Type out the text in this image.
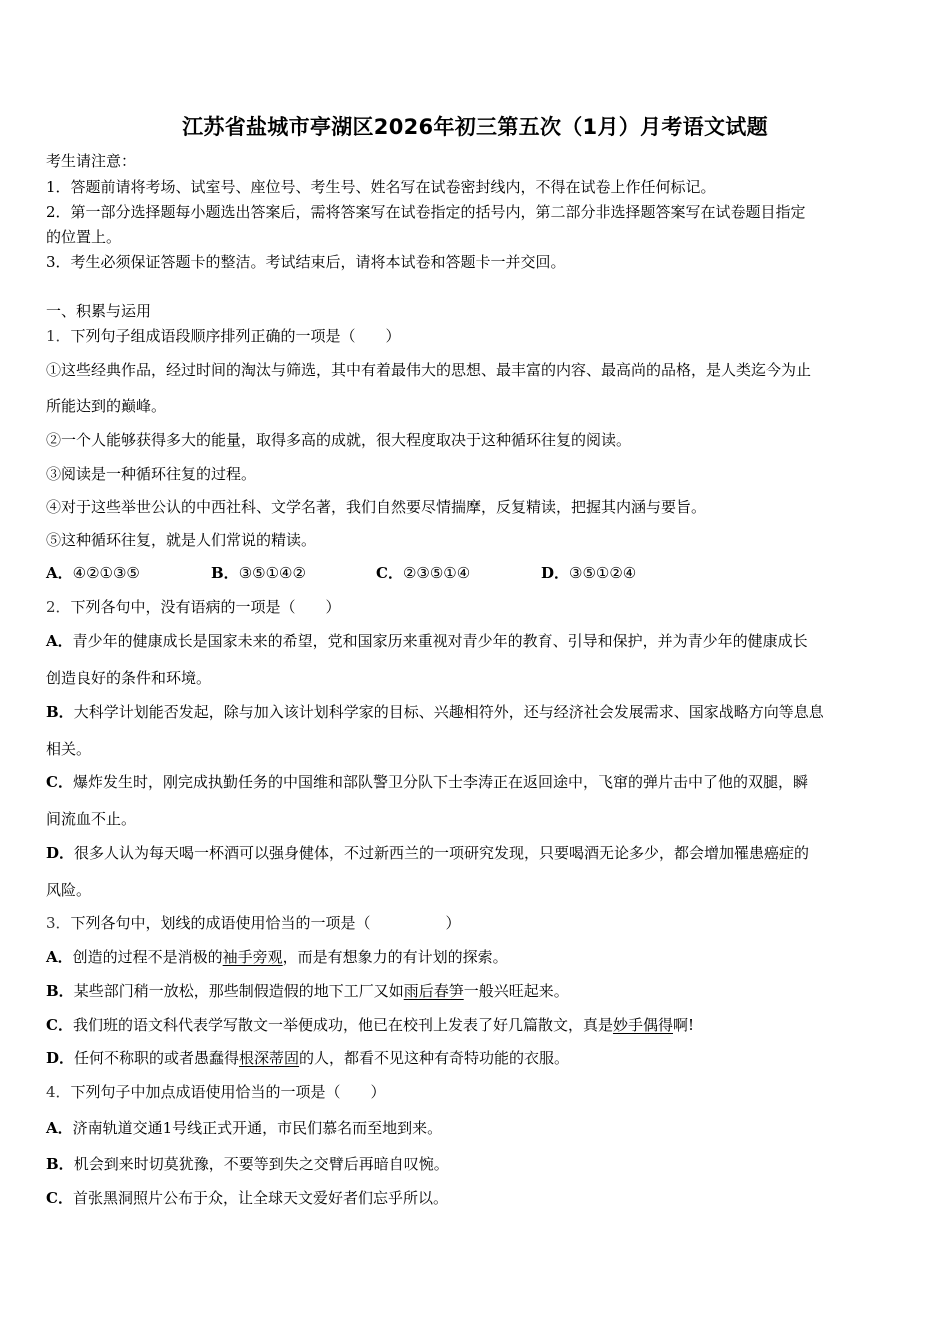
江苏省盐城市亭湖区2026年初三第五次（1月）月考语文试题
考生请注意：
1．答题前请将考场、试室号、座位号、考生号、姓名写在试卷密封线内，不得在试卷上作任何标记。
2．第一部分选择题每小题选出答案后，需将答案写在试卷指定的括号内，第二部分非选择题答案写在试卷题目指定
的位置上。
3．考生必须保证答题卡的整洁。考试结束后，请将本试卷和答题卡一并交回。
一、积累与运用
1．下列句子组成语段顺序排列正确的一项是（　　）
①这些经典作品，经过时间的淘汰与筛选，其中有着最伟大的思想、最丰富的内容、最高尚的品格，是人类迄今为止
所能达到的巅峰。
②一个人能够获得多大的能量，取得多高的成就，很大程度取决于这种循环往复的阅读。
③阅读是一种循环往复的过程。
④对于这些举世公认的中西社科、文学名著，我们自然要尽情揣摩，反复精读，把握其内涵与要旨。
⑤这种循环往复，就是人们常说的精读。
A．④②①③⑤	B．③⑤①④②	C．②③⑤①④	D．③⑤①②④
2．下列各句中，没有语病的一项是（　　）
A．青少年的健康成长是国家未来的希望，党和国家历来重视对青少年的教育、引导和保护，并为青少年的健康成长
创造良好的条件和环境。
B．大科学计划能否发起，除与加入该计划科学家的目标、兴趣相符外，还与经济社会发展需求、国家战略方向等息息
相关。
C．爆炸发生时，刚完成执勤任务的中国维和部队警卫分队下士李涛正在返回途中，飞窜的弹片击中了他的双腿，瞬
间流血不止。
D．很多人认为每天喝一杯酒可以强身健体，不过新西兰的一项研究发现，只要喝酒无论多少，都会增加罹患癌症的
风险。
3．下列各句中，划线的成语使用恰当的一项是（　　　　　）
A．创造的过程不是消极的袖手旁观，而是有想象力的有计划的探索。
B．某些部门稍一放松，那些制假造假的地下工厂又如雨后春笋一般兴旺起来。
C．我们班的语文科代表学写散文一举便成功，他已在校刊上发表了好几篇散文，真是妙手偶得啊!
D．任何不称职的或者愚蠢得根深蒂固的人，都看不见这种有奇特功能的衣服。
4．下列句子中加点成语使用恰当的一项是（　　）
A．济南轨道交通1号线正式开通，市民们慕名而至地到来。
B．机会到来时切莫犹豫，不要等到失之交臂后再暗自叹惋。
C．首张黑洞照片公布于众，让全球天文爱好者们忘乎所以。
